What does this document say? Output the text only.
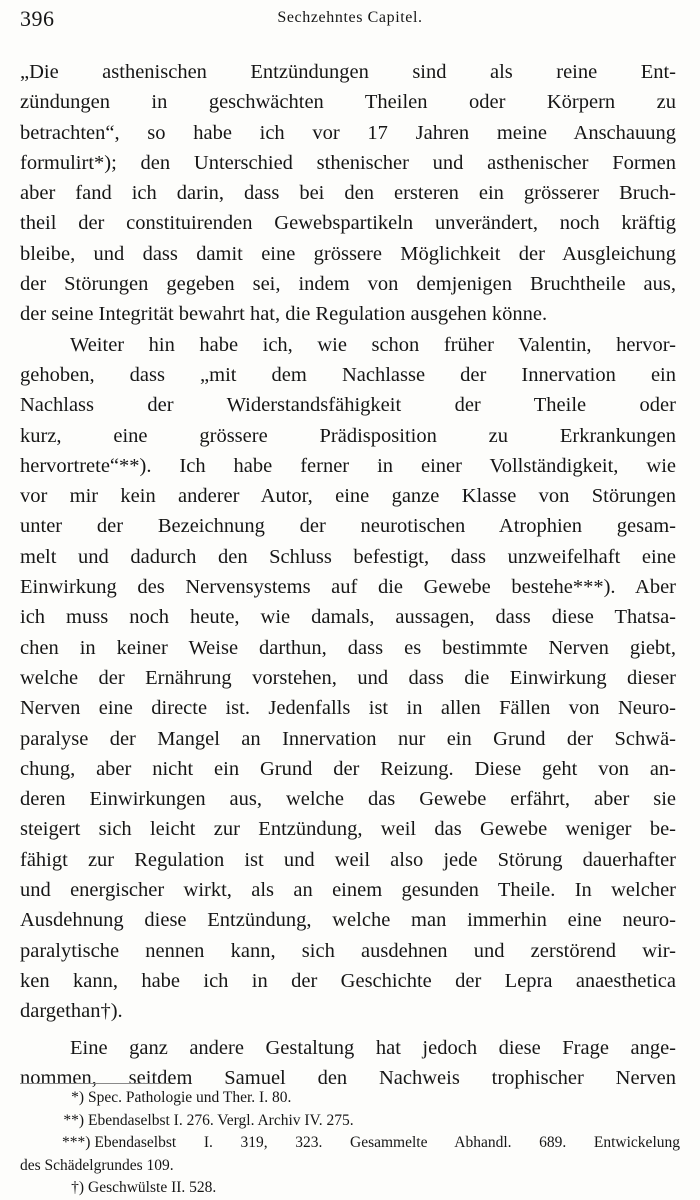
396	Sechzehntes Capitel.
„Die asthenischen Entzündungen sind als reine Ent-
zündungen in geschwächten Theilen oder Körpern zu
betrachten“, so habe ich vor 17 Jahren meine Anschauung
formulirt*); den Unterschied sthenischer und asthenischer Formen
aber fand ich darin, dass bei den ersteren ein grösserer Bruch-
theil der constituirenden Gewebspartikeln unverändert, noch kräftig
bleibe, und dass damit eine grössere Möglichkeit der Ausgleichung
der Störungen gegeben sei, indem von demjenigen Bruchtheile aus,
der seine Integrität bewahrt hat, die Regulation ausgehen könne.
Weiter hin habe ich, wie schon früher Valentin, hervor-
gehoben, dass „mit dem Nachlasse der Innervation ein
Nachlass der Widerstandsfähigkeit der Theile oder
kurz, eine grössere Prädisposition zu Erkrankungen
hervortrete“**). Ich habe ferner in einer Vollständigkeit, wie
vor mir kein anderer Autor, eine ganze Klasse von Störungen
unter der Bezeichnung der neurotischen Atrophien gesam-
melt und dadurch den Schluss befestigt, dass unzweifelhaft eine
Einwirkung des Nervensystems auf die Gewebe bestehe***). Aber
ich muss noch heute, wie damals, aussagen, dass diese Thatsa-
chen in keiner Weise darthun, dass es bestimmte Nerven giebt,
welche der Ernährung vorstehen, und dass die Einwirkung dieser
Nerven eine directe ist. Jedenfalls ist in allen Fällen von Neuro-
paralyse der Mangel an Innervation nur ein Grund der Schwä-
chung, aber nicht ein Grund der Reizung. Diese geht von an-
deren Einwirkungen aus, welche das Gewebe erfährt, aber sie
steigert sich leicht zur Entzündung, weil das Gewebe weniger be-
fähigt zur Regulation ist und weil also jede Störung dauerhafter
und energischer wirkt, als an einem gesunden Theile. In welcher
Ausdehnung diese Entzündung, welche man immerhin eine neuro-
paralytische nennen kann, sich ausdehnen und zerstörend wir-
ken kann, habe ich in der Geschichte der Lepra anaesthetica
dargethan†).
Eine ganz andere Gestaltung hat jedoch diese Frage ange-
nommen, seitdem Samuel den Nachweis trophischer Nerven
*) Spec. Pathologie und Ther. I. 80.
**) Ebendaselbst I. 276. Vergl. Archiv IV. 275.
***) Ebendaselbst I. 319, 323. Gesammelte Abhandl. 689. Entwickelung
des Schädelgrundes 109.
†) Geschwülste II. 528.
